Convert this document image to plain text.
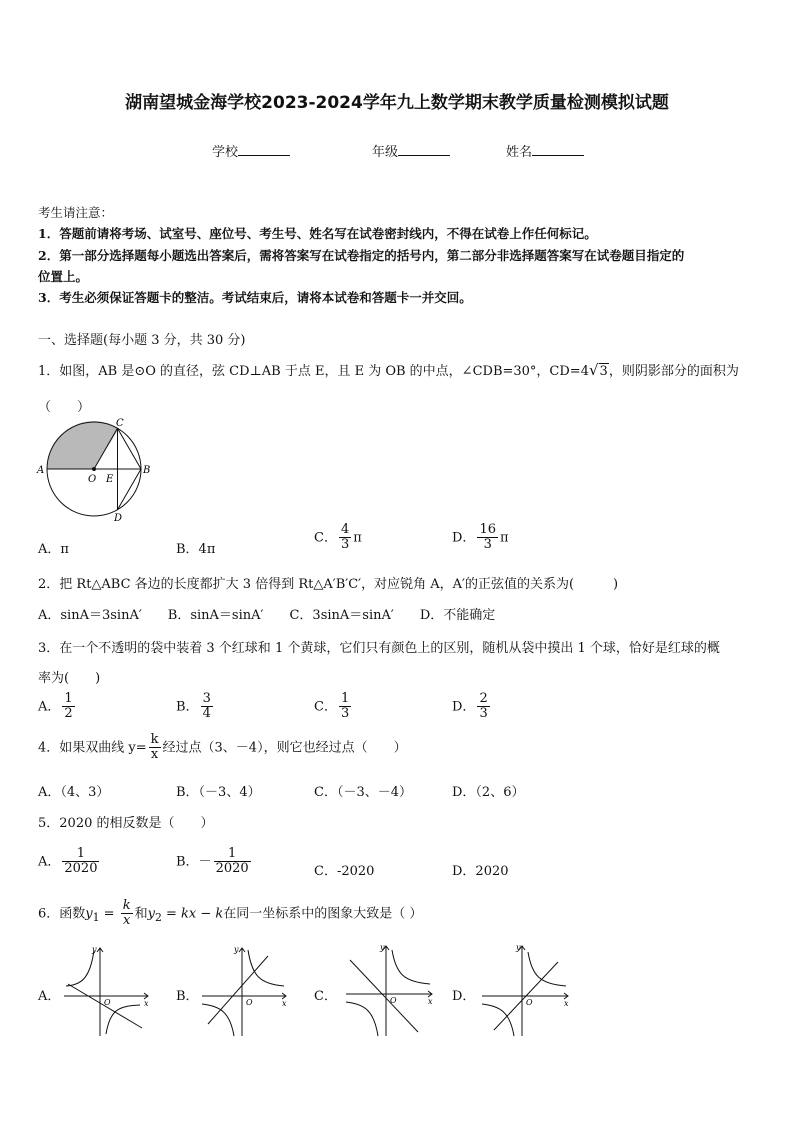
湖南望城金海学校2023-2024学年九上数学期末教学质量检测模拟试题
学校	年级	姓名
考生请注意：
1．答题前请将考场、试室号、座位号、考生号、姓名写在试卷密封线内，不得在试卷上作任何标记。
2．第一部分选择题每小题选出答案后，需将答案写在试卷指定的括号内，第二部分非选择题答案写在试卷题目指定的
位置上。
3．考生必须保证答题卡的整洁。考试结束后，请将本试卷和答题卡一并交回。
一、选择题(每小题 3 分，共 30 分)
1．如图，AB 是⊙O 的直径，弦 CD⊥AB 于点 E，且 E 为 OB 的中点，∠CDB=30°，CD=4√3，则阴影部分的面积为
（　　）
A	B
C
D
O E
A．π	B．4π
C． $\frac{4}{3}$ π	D． $\frac{16}{3}$ π
2．把 Rt△ABC 各边的长度都扩大 3 倍得到 Rt△A′B′C′，对应锐角 A，A′的正弦值的关系为(　　　)
A．sinA＝3sinA′　　B．sinA＝sinA′　　C．3sinA＝sinA′　　D．不能确定
3．在一个不透明的袋中装着 3 个红球和 1 个黄球，它们只有颜色上的区别，随机从袋中摸出 1 个球，恰好是红球的概
率为(　　)
A． $\frac{1}{2}$	B． $\frac{3}{4}$	C． $\frac{1}{3}$	D． $\frac{2}{3}$
4．如果双曲线 $y= \frac{k}{x}$ 经过点（3、－4），则它也经过点（　　）
A．（4、3）	B．（－3、4）	C．（－3、－4）	D．（2、6）
5．2020 的相反数是（　　）
A． $\frac{1}{2020}$	B．－ $\frac{1}{2020}$	C．-2020	D．2020
6．函数$y_1 = \frac{k}{x}$ 和$y_2$ = kx − k在同一坐标系中的图象大致是（ ）
A．	B．	C．	D．
x
y
O	x
y
O	x
y
O	x
y
O
